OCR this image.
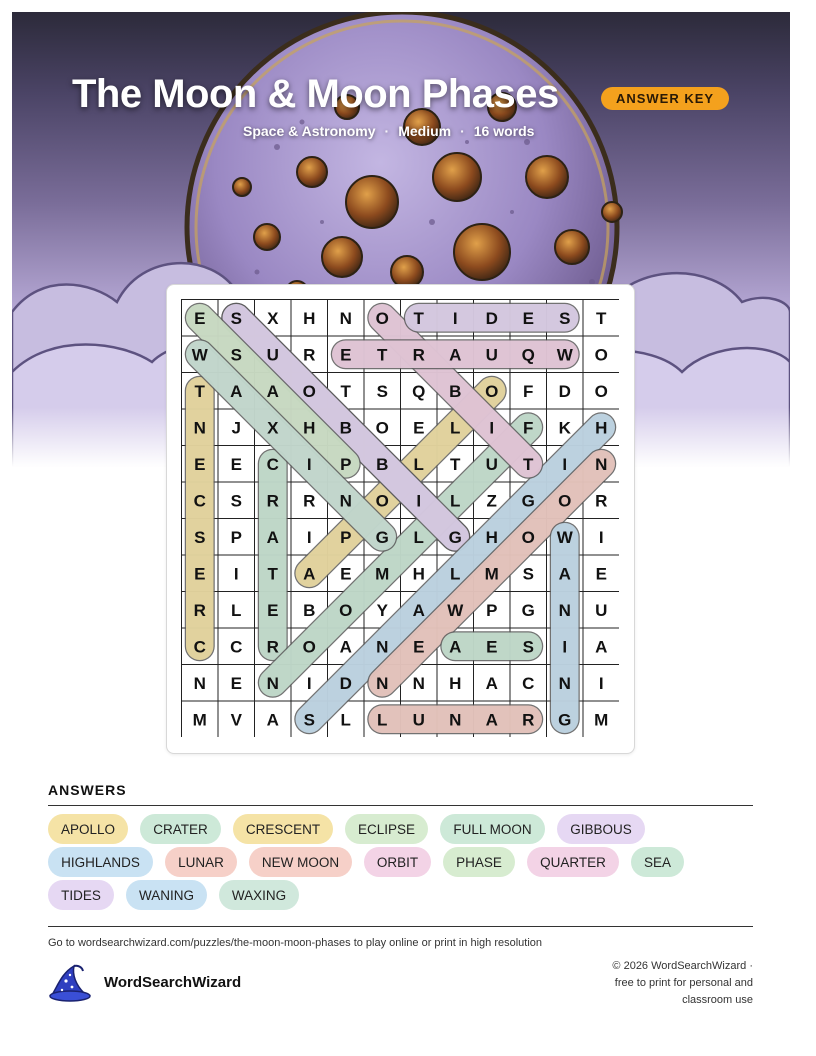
The Moon & Moon Phases	ANSWER KEY
Space & Astronomy · Medium · 16 words
E S X H N O T I D E S T
W S U R E T R A U Q W O
T A A O T S Q B O F D O
N J X H B O E L I F K H
E E C I P B L T U T I N
C S R R N O I L Z G O R
S P A I P G L G H O W I
E I T A E M H L M S A E
R L E B O Y A W P G N U
C C R O A N E A E S I A
N E N I D N N H A C N I
M V A S L L U N A R G M
ANSWERS
APOLLO	CRATER	CRESCENT	ECLIPSE	FULL MOON	GIBBOUS
HIGHLANDS	LUNAR	NEW MOON	ORBIT	PHASE	QUARTER	SEA
TIDES	WANING	WAXING
Go to wordsearchwizard.com/puzzles/the-moon-moon-phases to play online or print in high resolution
WordSearchWizard
© 2026 WordSearchWizard ·
free to print for personal and
classroom use
